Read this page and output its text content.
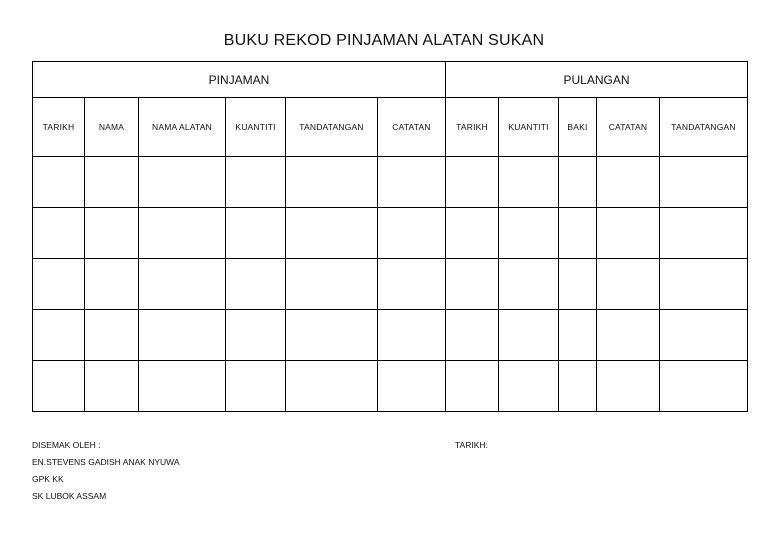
BUKU REKOD PINJAMAN ALATAN SUKAN
PINJAMAN						PULANGAN				
TARIKH	NAMA	NAMA ALATAN	KUANTITI	TANDATANGAN	CATATAN	TARIKH	KUANTITI	BAKI	CATATAN	TANDATANGAN

DISEMAK OLEH :
EN.STEVENS GADISH ANAK NYUWA
GPK KK
SK LUBOK ASSAM
TARIKH:
